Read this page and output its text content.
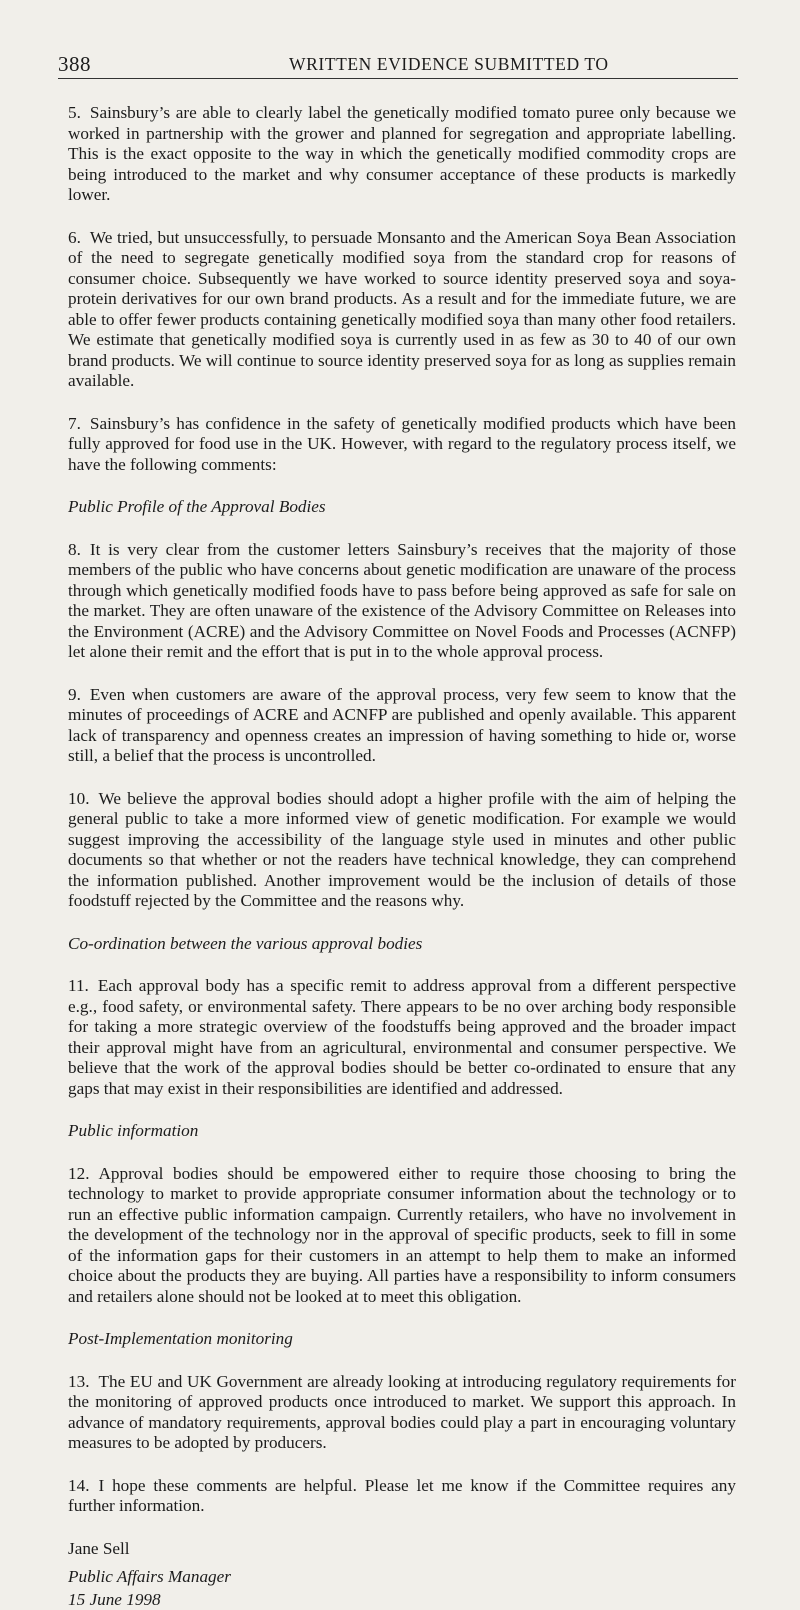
388	WRITTEN EVIDENCE SUBMITTED TO

5. Sainsbury’s are able to clearly label the genetically modified tomato puree only because we worked in partnership with the grower and planned for segregation and appropriate labelling. This is the exact opposite to the way in which the genetically modified commodity crops are being introduced to the market and why consumer acceptance of these products is markedly lower.

6. We tried, but unsuccessfully, to persuade Monsanto and the American Soya Bean Association of the need to segregate genetically modified soya from the standard crop for reasons of consumer choice. Subsequently we have worked to source identity preserved soya and soya-protein derivatives for our own brand products. As a result and for the immediate future, we are able to offer fewer products containing genetically modified soya than many other food retailers. We estimate that genetically modified soya is currently used in as few as 30 to 40 of our own brand products. We will continue to source identity preserved soya for as long as supplies remain available.

7. Sainsbury’s has confidence in the safety of genetically modified products which have been fully approved for food use in the UK. However, with regard to the regulatory process itself, we have the following comments:

Public Profile of the Approval Bodies

8. It is very clear from the customer letters Sainsbury’s receives that the majority of those members of the public who have concerns about genetic modification are unaware of the process through which genetically modified foods have to pass before being approved as safe for sale on the market. They are often unaware of the existence of the Advisory Committee on Releases into the Environment (ACRE) and the Advisory Committee on Novel Foods and Processes (ACNFP) let alone their remit and the effort that is put in to the whole approval process.

9. Even when customers are aware of the approval process, very few seem to know that the minutes of proceedings of ACRE and ACNFP are published and openly available. This apparent lack of transparency and openness creates an impression of having something to hide or, worse still, a belief that the process is uncontrolled.

10. We believe the approval bodies should adopt a higher profile with the aim of helping the general public to take a more informed view of genetic modification. For example we would suggest improving the accessibility of the language style used in minutes and other public documents so that whether or not the readers have technical knowledge, they can comprehend the information published. Another improvement would be the inclusion of details of those foodstuff rejected by the Committee and the reasons why.

Co-ordination between the various approval bodies

11. Each approval body has a specific remit to address approval from a different perspective e.g., food safety, or environmental safety. There appears to be no over arching body responsible for taking a more strategic overview of the foodstuffs being approved and the broader impact their approval might have from an agricultural, environmental and consumer perspective. We believe that the work of the approval bodies should be better co-ordinated to ensure that any gaps that may exist in their responsibilities are identified and addressed.

Public information

12. Approval bodies should be empowered either to require those choosing to bring the technology to market to provide appropriate consumer information about the technology or to run an effective public information campaign. Currently retailers, who have no involvement in the development of the technology nor in the approval of specific products, seek to fill in some of the information gaps for their customers in an attempt to help them to make an informed choice about the products they are buying. All parties have a responsibility to inform consumers and retailers alone should not be looked at to meet this obligation.

Post-Implementation monitoring

13. The EU and UK Government are already looking at introducing regulatory requirements for the monitoring of approved products once introduced to market. We support this approach. In advance of mandatory requirements, approval bodies could play a part in encouraging voluntary measures to be adopted by producers.

14. I hope these comments are helpful. Please let me know if the Committee requires any further information.

Jane Sell

Public Affairs Manager

15 June 1998
